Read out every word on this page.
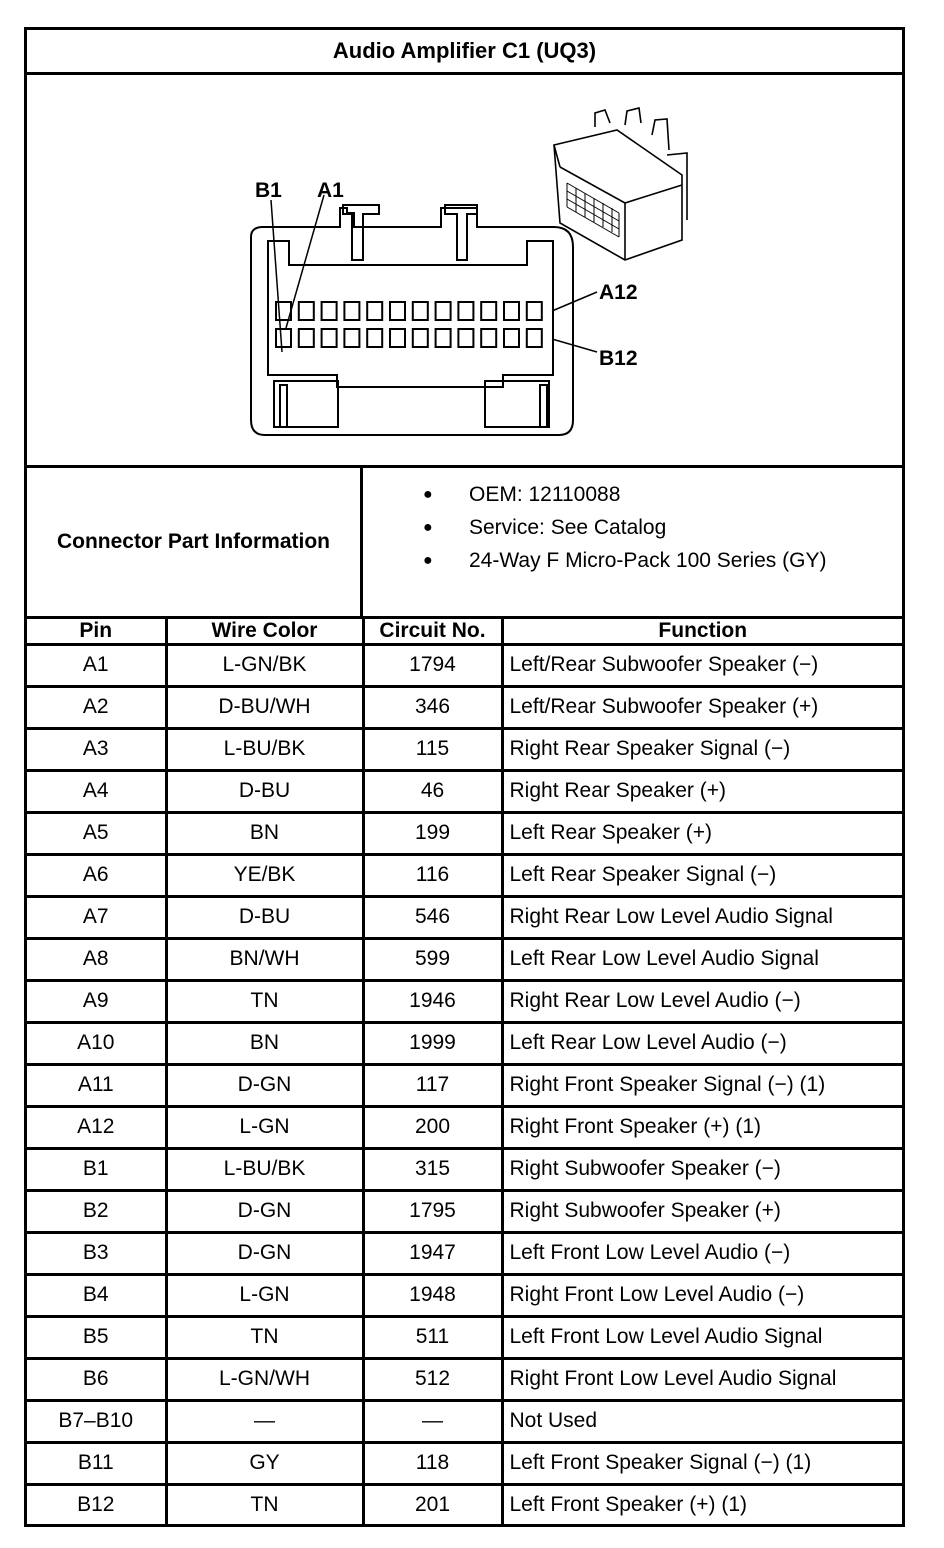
Audio Amplifier C1 (UQ3)
B1 A1
A12
B12
Connector Part Information
● OEM: 12110088
● Service: See Catalog
● 24-Way F Micro-Pack 100 Series (GY)
Pin	Wire Color	Circuit No.	Function
A1	L-GN/BK	1794	Left/Rear Subwoofer Speaker (−)
A2	D-BU/WH	346	Left/Rear Subwoofer Speaker (+)
A3	L-BU/BK	115	Right Rear Speaker Signal (−)
A4	D-BU	46	Right Rear Speaker (+)
A5	BN	199	Left Rear Speaker (+)
A6	YE/BK	116	Left Rear Speaker Signal (−)
A7	D-BU	546	Right Rear Low Level Audio Signal
A8	BN/WH	599	Left Rear Low Level Audio Signal
A9	TN	1946	Right Rear Low Level Audio (−)
A10	BN	1999	Left Rear Low Level Audio (−)
A11	D-GN	117	Right Front Speaker Signal (−) (1)
A12	L-GN	200	Right Front Speaker (+) (1)
B1	L-BU/BK	315	Right Subwoofer Speaker (−)
B2	D-GN	1795	Right Subwoofer Speaker (+)
B3	D-GN	1947	Left Front Low Level Audio (−)
B4	L-GN	1948	Right Front Low Level Audio (−)
B5	TN	511	Left Front Low Level Audio Signal
B6	L-GN/WH	512	Right Front Low Level Audio Signal
B7–B10	—	—	Not Used
B11	GY	118	Left Front Speaker Signal (−) (1)
B12	TN	201	Left Front Speaker (+) (1)
